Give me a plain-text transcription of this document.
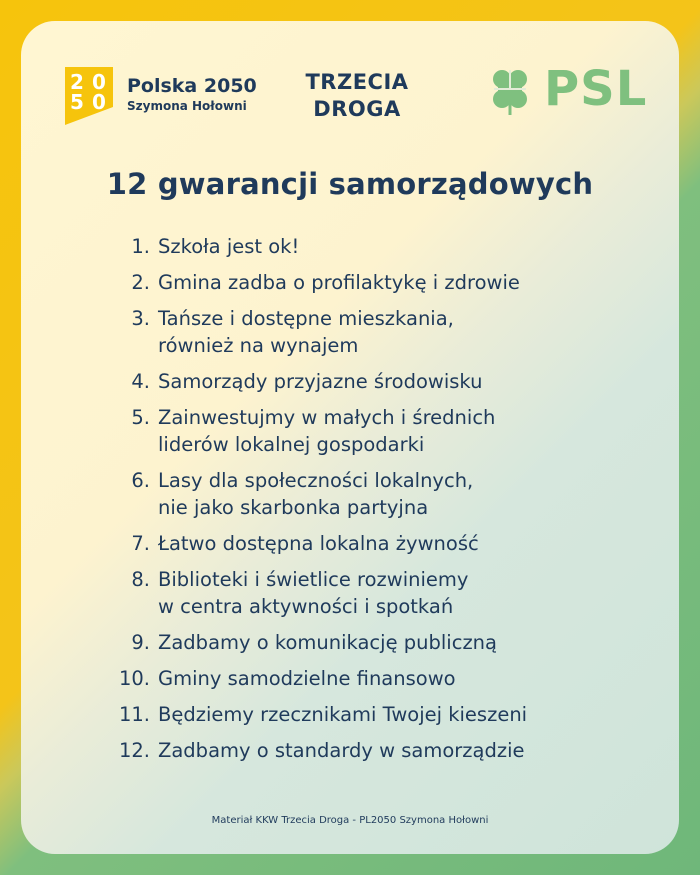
2 0
5 0
Polska 2050
Szymona Hołowni
TRZECIA
DROGA	PSL
12 gwarancji samorządowych
1. Szkoła jest ok!
2. Gmina zadba o profilaktykę i zdrowie
3. Tańsze i dostępne mieszkania,
również na wynajem
4. Samorządy przyjazne środowisku
5. Zainwestujmy w małych i średnich
liderów lokalnej gospodarki
6. Lasy dla społeczności lokalnych,
nie jako skarbonka partyjna
7. Łatwo dostępna lokalna żywność
8. Biblioteki i świetlice rozwiniemy
w centra aktywności i spotkań
9. Zadbamy o komunikację publiczną
10. Gminy samodzielne finansowo
11. Będziemy rzecznikami Twojej kieszeni
12. Zadbamy o standardy w samorządzie
Materiał KKW Trzecia Droga - PL2050 Szymona Hołowni
